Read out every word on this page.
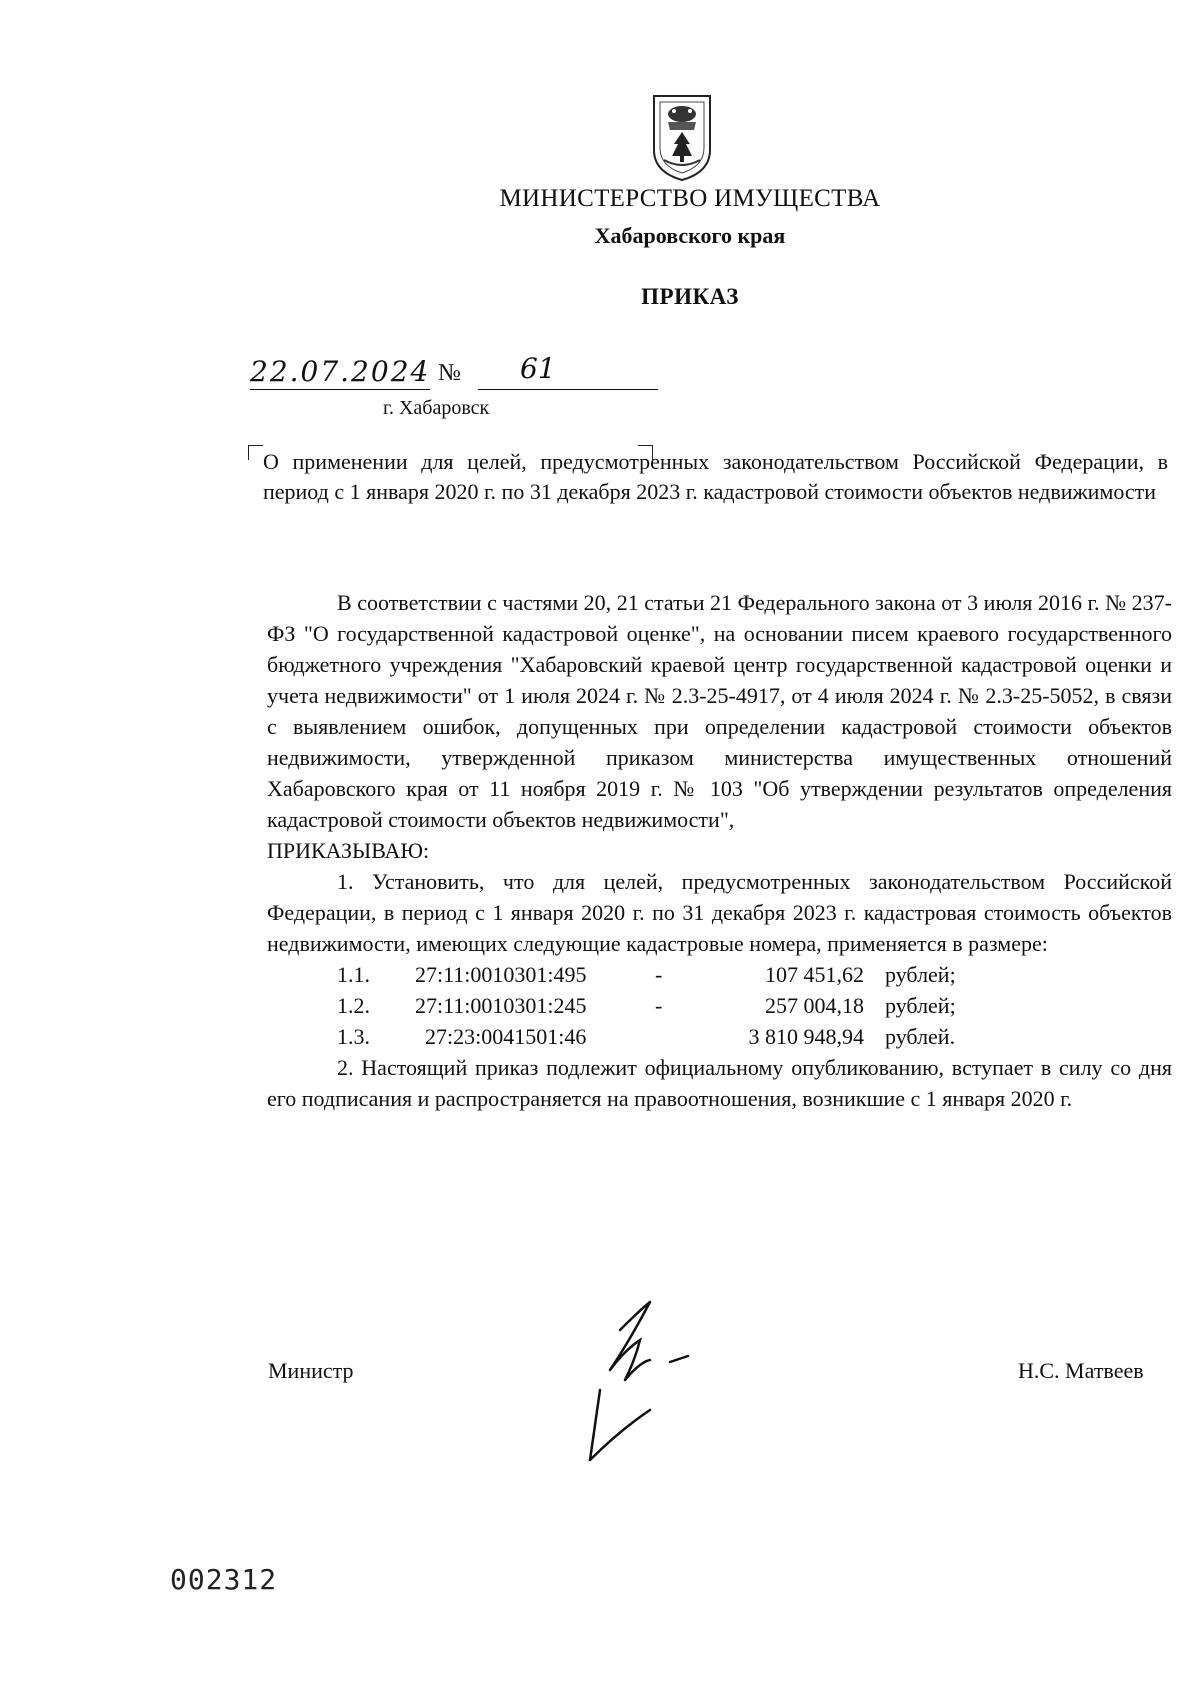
МИНИСТЕРСТВО ИМУЩЕСТВА
Хабаровского края
ПРИКАЗ
22.07.2024 № 61
г. Хабаровск
О применении для целей, предусмотренных законодательством Российской Федерации, в период с 1 января 2020 г. по 31 декабря 2023 г. кадастровой стоимости объектов недвижимости

В соответствии с частями 20, 21 статьи 21 Федерального закона от 3 июля 2016 г. № 237-ФЗ "О государственной кадастровой оценке", на основании писем краевого государственного бюджетного учреждения "Хабаровский краевой центр государственной кадастровой оценки и учета недвижимости" от 1 июля 2024 г. № 2.3-25-4917, от 4 июля 2024 г. № 2.3-25-5052, в связи с выявлением ошибок, допущенных при определении кадастровой стоимости объектов недвижимости, утвержденной приказом министерства имущественных отношений Хабаровского края от 11 ноября 2019 г. № 103 "Об утверждении результатов определения кадастровой стоимости объектов недвижимости",

ПРИКАЗЫВАЮ:

1. Установить, что для целей, предусмотренных законодательством Российской Федерации, в период с 1 января 2020 г. по 31 декабря 2023 г. кадастровая стоимость объектов недвижимости, имеющих следующие кадастровые номера, применяется в размере:

1.1. 27:11:0010301:495	-	107 451,62 рублей;
1.2. 27:11:0010301:245	-	257 004,18 рублей;
1.3.	27:23:0041501:46	3 810 948,94 рублей.

2. Настоящий приказ подлежит официальному опубликованию, вступает в силу со дня его подписания и распространяется на правоотношения, возникшие с 1 января 2020 г.

Министр	Н.С. Матвеев
002312
